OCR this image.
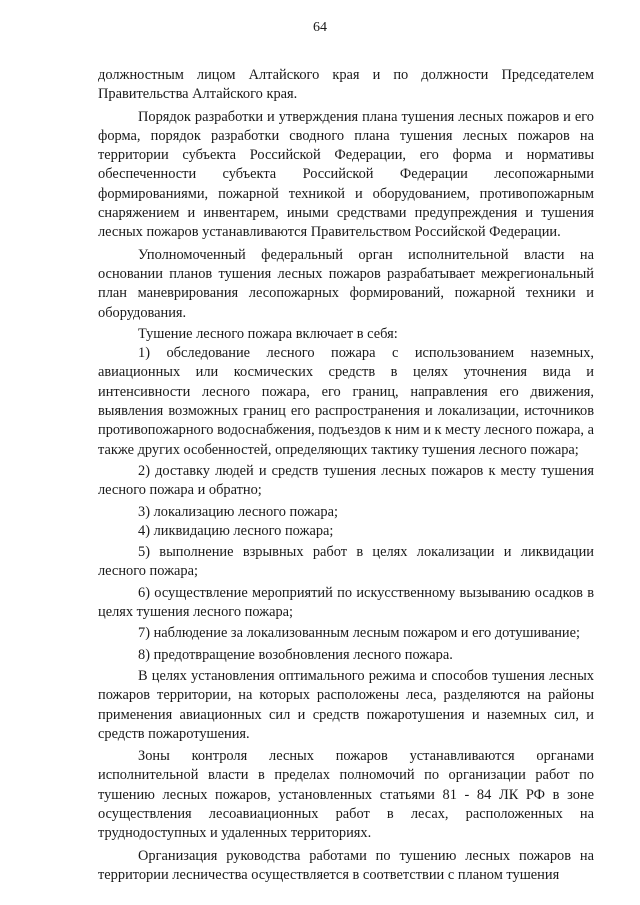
64

должностным лицом Алтайского края и по должности Председателем Правительства Алтайского края.

Порядок разработки и утверждения плана тушения лесных пожаров и его форма, порядок разработки сводного плана тушения лесных пожаров на территории субъекта Российской Федерации, его форма и нормативы обеспеченности субъекта Российской Федерации лесопожарными формированиями, пожарной техникой и оборудованием, противопожарным снаряжением и инвентарем, иными средствами предупреждения и тушения лесных пожаров устанавливаются Правительством Российской Федерации.

Уполномоченный федеральный орган исполнительной власти на основании планов тушения лесных пожаров разрабатывает межрегиональный план маневрирования лесопожарных формирований, пожарной техники и оборудования.

Тушение лесного пожара включает в себя:

1) обследование лесного пожара с использованием наземных, авиационных или космических средств в целях уточнения вида и интенсивности лесного пожара, его границ, направления его движения, выявления возможных границ его распространения и локализации, источников противопожарного водоснабжения, подъездов к ним и к месту лесного пожара, а также других особенностей, определяющих тактику тушения лесного пожара;

2) доставку людей и средств тушения лесных пожаров к месту тушения лесного пожара и обратно;

3) локализацию лесного пожара;

4) ликвидацию лесного пожара;

5) выполнение взрывных работ в целях локализации и ликвидации лесного пожара;

6) осуществление мероприятий по искусственному вызыванию осадков в целях тушения лесного пожара;

7) наблюдение за локализованным лесным пожаром и его дотушивание;

8) предотвращение возобновления лесного пожара.

В целях установления оптимального режима и способов тушения лесных пожаров территории, на которых расположены леса, разделяются на районы применения авиационных сил и средств пожаротушения и наземных сил, и средств пожаротушения.

Зоны контроля лесных пожаров устанавливаются органами исполнительной власти в пределах полномочий по организации работ по тушению лесных пожаров, установленных статьями 81 - 84 ЛК РФ в зоне осуществления лесоавиационных работ в лесах, расположенных на труднодоступных и удаленных территориях.

Организация руководства работами по тушению лесных пожаров на территории лесничества осуществляется в соответствии с планом тушения
